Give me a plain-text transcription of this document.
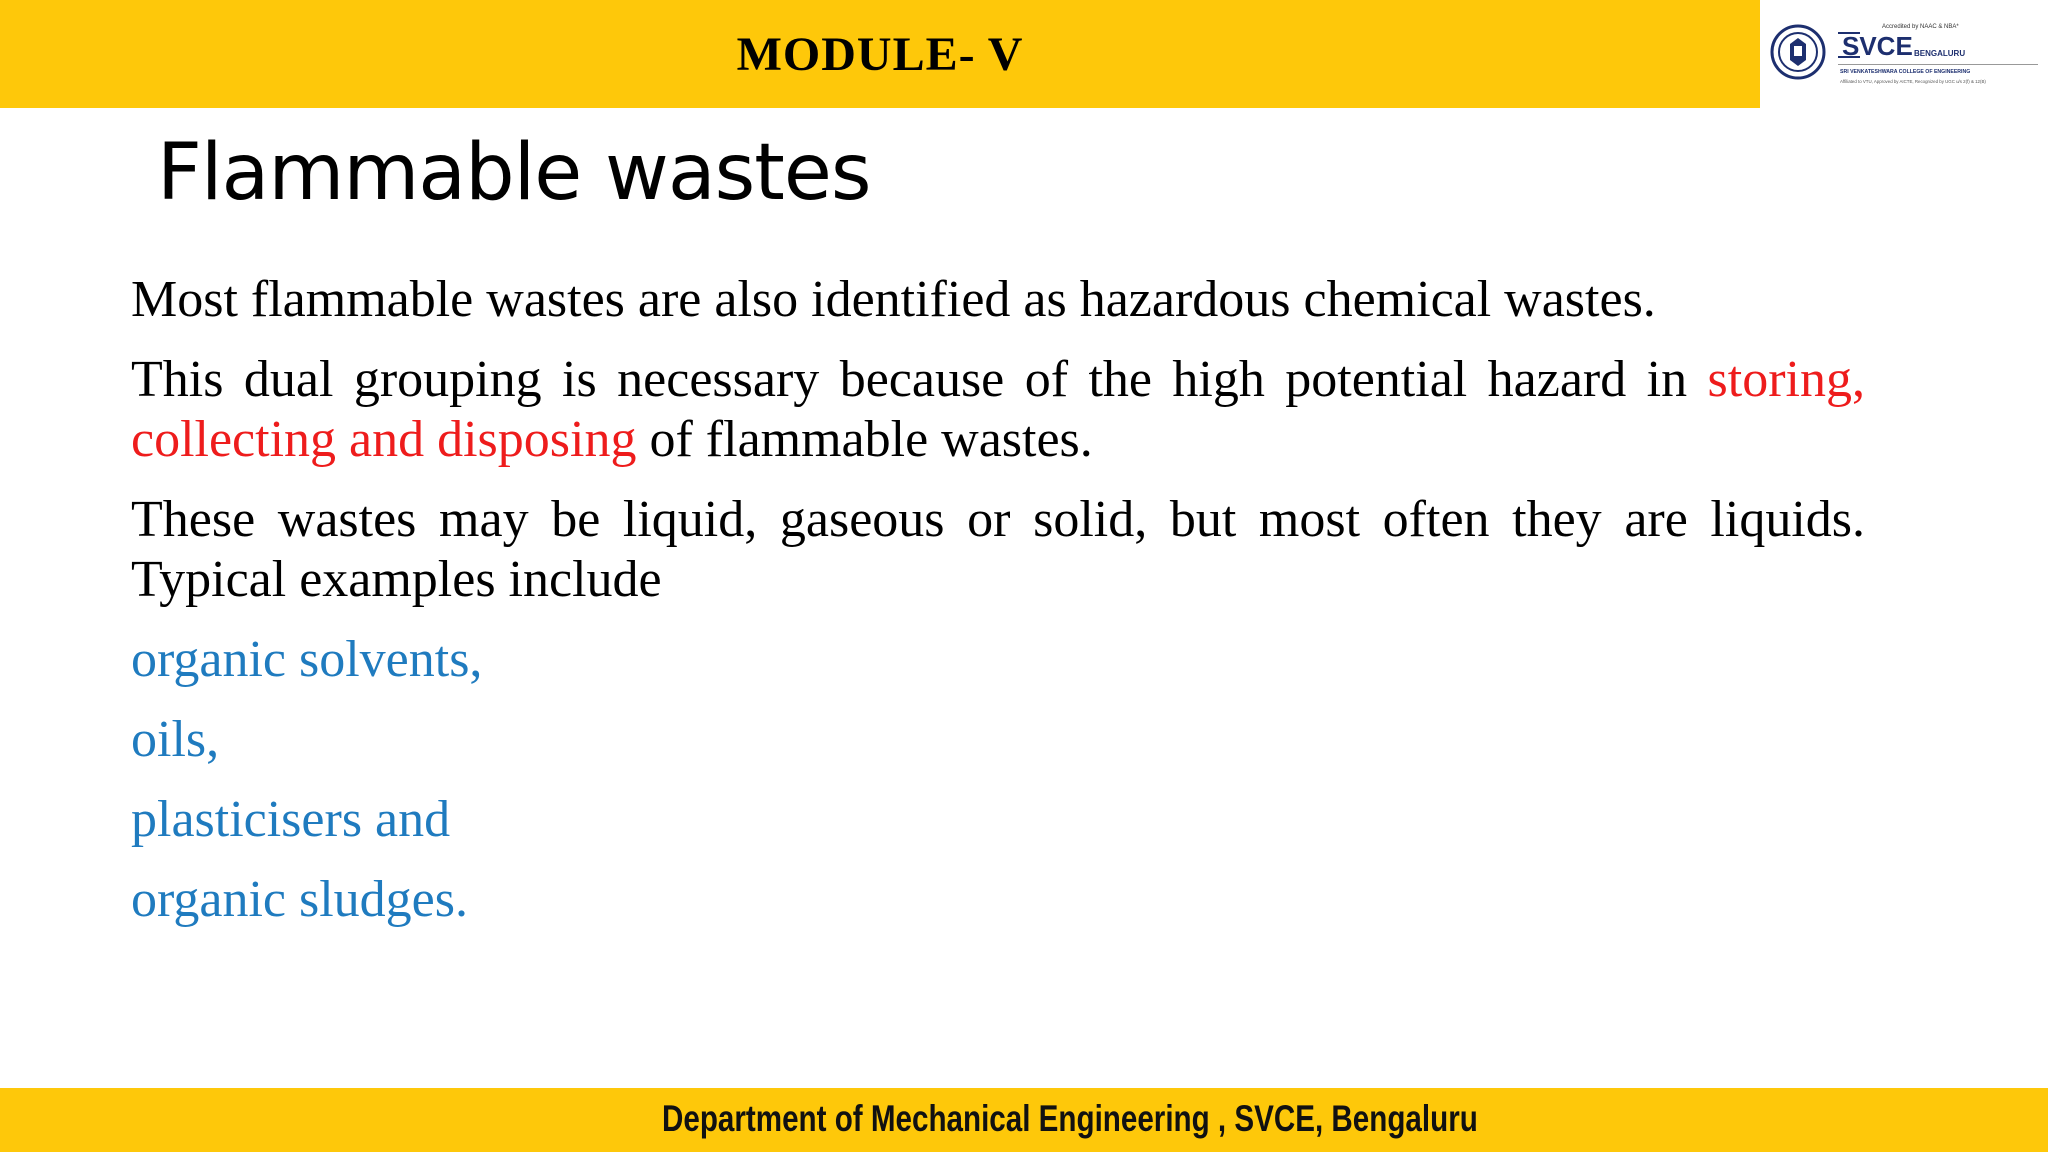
MODULE- V
Accredited by NAAC & NBA*
SVCE BENGALURU
SRI VENKATESHWARA COLLEGE OF ENGINEERING
Affiliated to VTU, Approved by AICTE, Recognized by UGC u/s 2(f) & 12(B)
Flammable wastes

Most flammable wastes are also identified as hazardous chemical wastes.

This dual grouping is necessary because of the high potential hazard in storing, collecting and disposing of flammable wastes.

These wastes may be liquid, gaseous or solid, but most often they are liquids. Typical examples include

organic solvents,

oils,

plasticisers and

organic sludges.

Department of Mechanical Engineering , SVCE, Bengaluru
